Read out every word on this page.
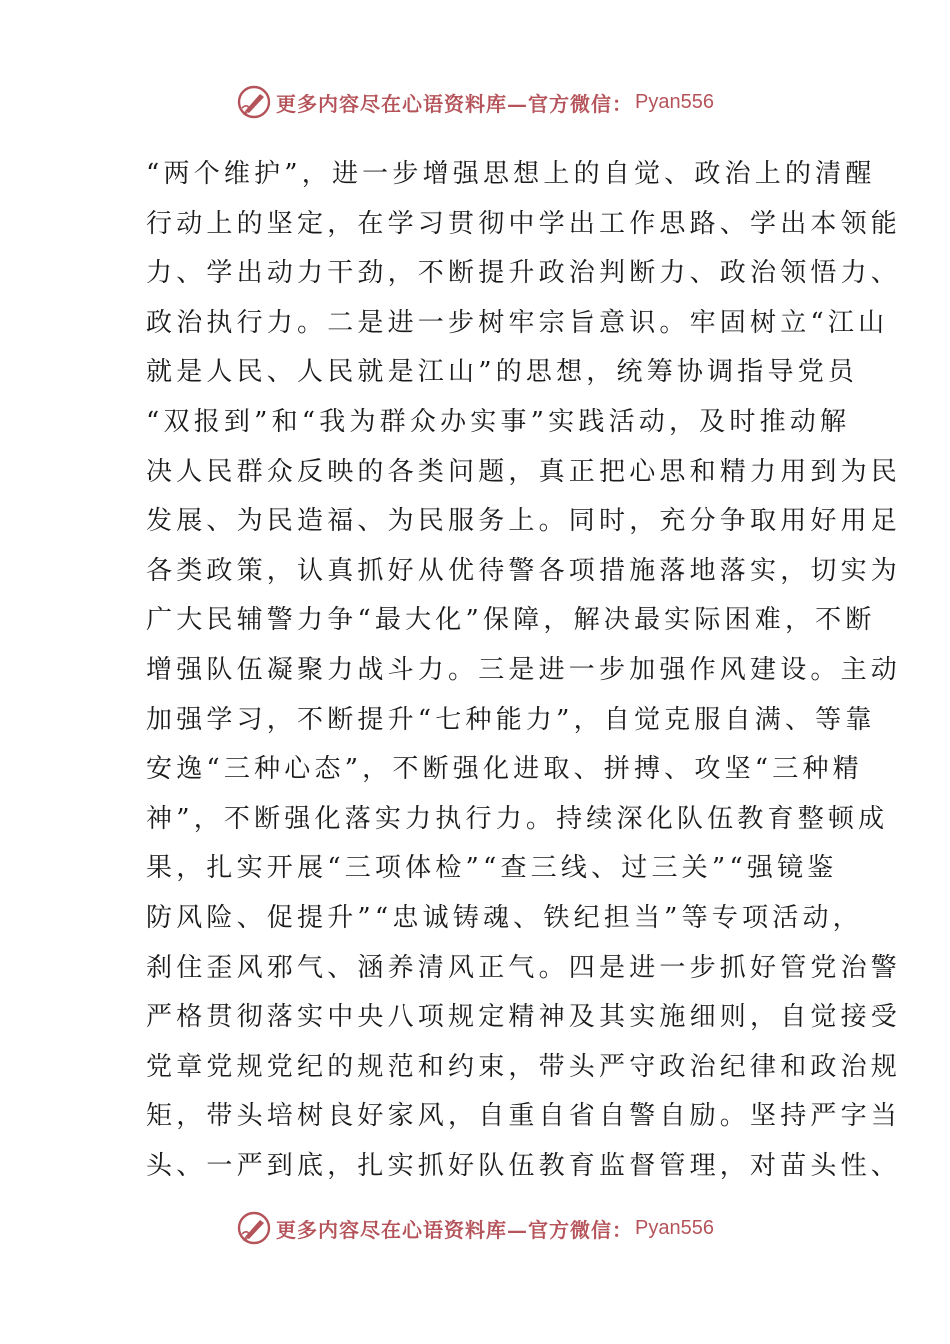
更多内容尽在心语资料库—官方微信： Pyan556
“两个维护”，进一步增强思想上的自觉、政治上的清醒
行动上的坚定，在学习贯彻中学出工作思路、学出本领能
力、学出动力干劲，不断提升政治判断力、政治领悟力、
政治执行力。二是进一步树牢宗旨意识。牢固树立“江山
就是人民、人民就是江山”的思想，统筹协调指导党员
“双报到”和“我为群众办实事”实践活动，及时推动解
决人民群众反映的各类问题，真正把心思和精力用到为民
发展、为民造福、为民服务上。同时，充分争取用好用足
各类政策，认真抓好从优待警各项措施落地落实，切实为
广大民辅警力争“最大化”保障，解决最实际困难，不断
增强队伍凝聚力战斗力。三是进一步加强作风建设。主动
加强学习，不断提升“七种能力”，自觉克服自满、等靠
安逸“三种心态”，不断强化进取、拼搏、攻坚“三种精
神”，不断强化落实力执行力。持续深化队伍教育整顿成
果，扎实开展“三项体检”“查三线、过三关”“强镜鉴
防风险、促提升”“忠诚铸魂、铁纪担当”等专项活动，
刹住歪风邪气、涵养清风正气。四是进一步抓好管党治警
严格贯彻落实中央八项规定精神及其实施细则，自觉接受
党章党规党纪的规范和约束，带头严守政治纪律和政治规
矩，带头培树良好家风，自重自省自警自励。坚持严字当
头、一严到底，扎实抓好队伍教育监督管理，对苗头性、
更多内容尽在心语资料库—官方微信： Pyan556
